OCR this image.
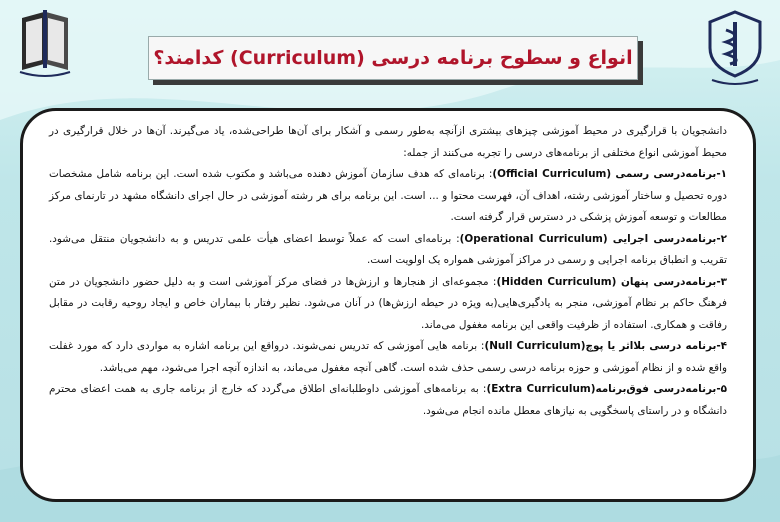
انواع و سطوح برنامه درسی (Curriculum) کدامند؟

دانشجویان با قرارگیری در محیط آموزشی چیزهای بیشتری ازآنچه به‌طور رسمی و آشکار برای آن‌ها طراحی‌شده، یاد می‌گیرند. آن‌ها در خلال قرارگیری در محیط آموزشی انواع مختلفی از برنامه‌های درسی را تجربه می‌کنند از جمله:

۱-برنامه‌درسی رسمی (Official Curriculum): برنامه‌ای که هدف سازمان آموزش دهنده می‌باشد و مکتوب شده است. این برنامه شامل مشخصات دوره تحصیل و ساختار آموزشی رشته، اهداف آن، فهرست محتوا و ... است. این برنامه برای هر رشته آموزشی در حال اجرای دانشگاه مشهد در تارنمای مرکز مطالعات و توسعه آموزش پزشکی در دسترس قرار گرفته است.

۲-برنامه‌درسی اجرایی (Operational Curriculum): برنامه‌ای است که عملاً توسط اعضای هیأت علمی تدریس و به دانشجویان منتقل می‌شود. تقریب و انطباق برنامه اجرایی و رسمی در مراکز آموزشی همواره یک اولویت است.

۳-برنامه‌درسی پنهان (Hidden Curriculum): مجموعه‌ای از هنجارها و ارزش‌ها در فضای مرکز آموزشی است و به دلیل حضور دانشجویان در متن فرهنگ حاکم بر نظام آموزشی، منجر به یادگیری‌هایی(به ویژه در حیطه ارزش‌ها) در آنان می‌شود. نظیر رفتار با بیماران خاص و ایجاد روحیه رقابت در مقابل رفاقت و همکاری. استفاده از ظرفیت واقعی این برنامه مغفول می‌ماند.

۴-برنامه درسی بلااثر یا پوچ(Null Curriculum): برنامه هایی آموزشی که تدریس نمی‌شوند. درواقع این برنامه اشاره به مواردی دارد که مورد غفلت واقع شده و از نظام آموزشی و حوزه برنامه درسی رسمی حذف شده است. گاهی آنچه مغفول می‌ماند، به اندازه آنچه اجرا می‌شود، مهم می‌باشد.

۵-برنامه‌درسی فوق‌برنامه(Extra Curriculum): به برنامه‌های آموزشی داوطلبانه‌ای اطلاق می‌گردد که خارج از برنامه جاری به همت اعضای محترم دانشگاه و در راستای پاسخگویی به نیازهای معطل مانده انجام می‌شود.
